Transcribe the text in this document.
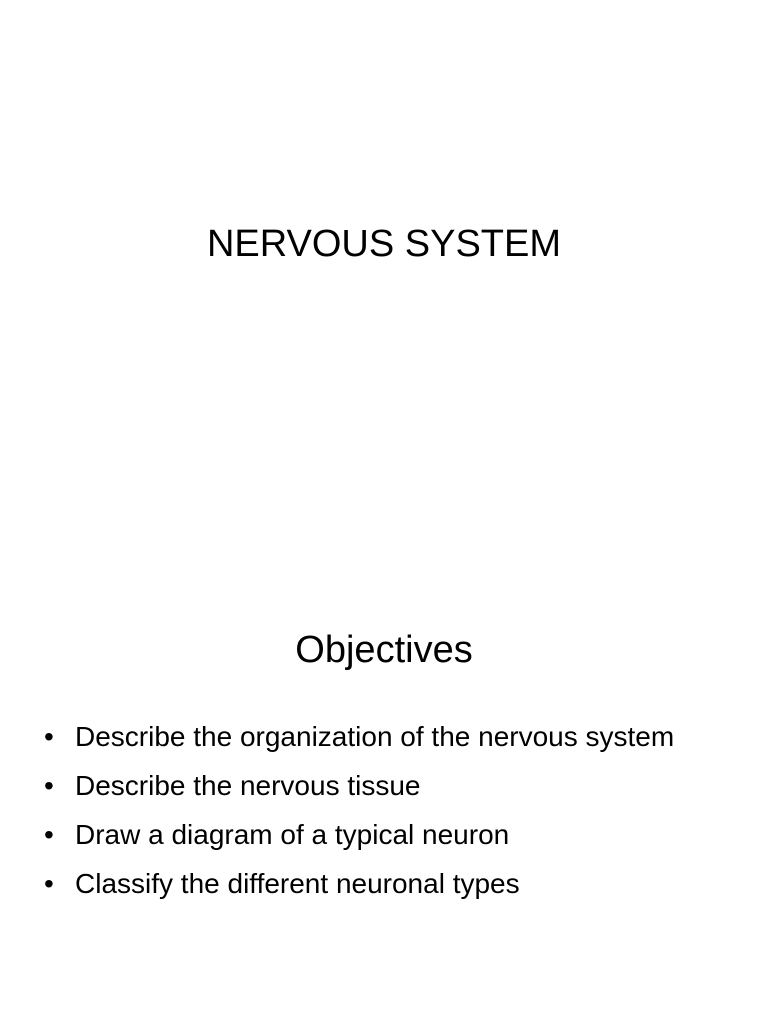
NERVOUS SYSTEM
Objectives
• Describe the organization of the nervous system
• Describe the nervous tissue
• Draw a diagram of a typical neuron
• Classify the different neuronal types
